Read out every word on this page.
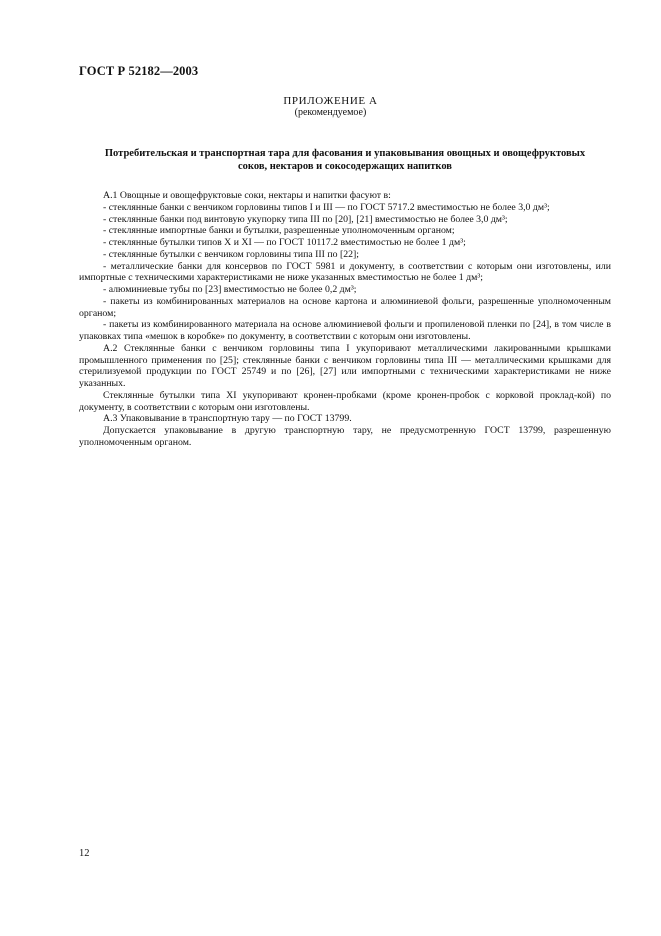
ГОСТ Р 52182—2003
ПРИЛОЖЕНИЕ А
(рекомендуемое)
Потребительская и транспортная тара для фасования и упаковывания овощных и овощефруктовых
соков, нектаров и сокосодержащих напитков

А.1 Овощные и овощефруктовые соки, нектары и напитки фасуют в:

- стеклянные банки с венчиком горловины типов I и III — по ГОСТ 5717.2 вместимостью не более 3,0 дм³;

- стеклянные банки под винтовую укупорку типа III по [20], [21] вместимостью не более 3,0 дм³;

- стеклянные импортные банки и бутылки, разрешенные уполномоченным органом;

- стеклянные бутылки типов X и XI — по ГОСТ 10117.2 вместимостью не более 1 дм³;

- стеклянные бутылки с венчиком горловины типа III по [22];

- металлические банки для консервов по ГОСТ 5981 и документу, в соответствии с которым они изготовлены, или импортные с техническими характеристиками не ниже указанных вместимостью не более 1 дм³;

- алюминиевые тубы по [23] вместимостью не более 0,2 дм³;

- пакеты из комбинированных материалов на основе картона и алюминиевой фольги, разрешенные уполномоченным органом;

- пакеты из комбинированного материала на основе алюминиевой фольги и пропиленовой пленки по [24], в том числе в упаковках типа «мешок в коробке» по документу, в соответствии с которым они изготовлены.

А.2 Стеклянные банки с венчиком горловины типа I укупоривают металлическими лакированными крышками промышленного применения по [25]; стеклянные банки с венчиком горловины типа III — металлическими крышками для стерилизуемой продукции по ГОСТ 25749 и по [26], [27] или импортными с техническими характеристиками не ниже указанных.

Стеклянные бутылки типа XI укупоривают кронен-пробками (кроме кронен-пробок с корковой проклад-кой) по документу, в соответствии с которым они изготовлены.

А.3 Упаковывание в транспортную тару — по ГОСТ 13799.

Допускается упаковывание в другую транспортную тару, не предусмотренную ГОСТ 13799, разрешенную уполномоченным органом.

12
